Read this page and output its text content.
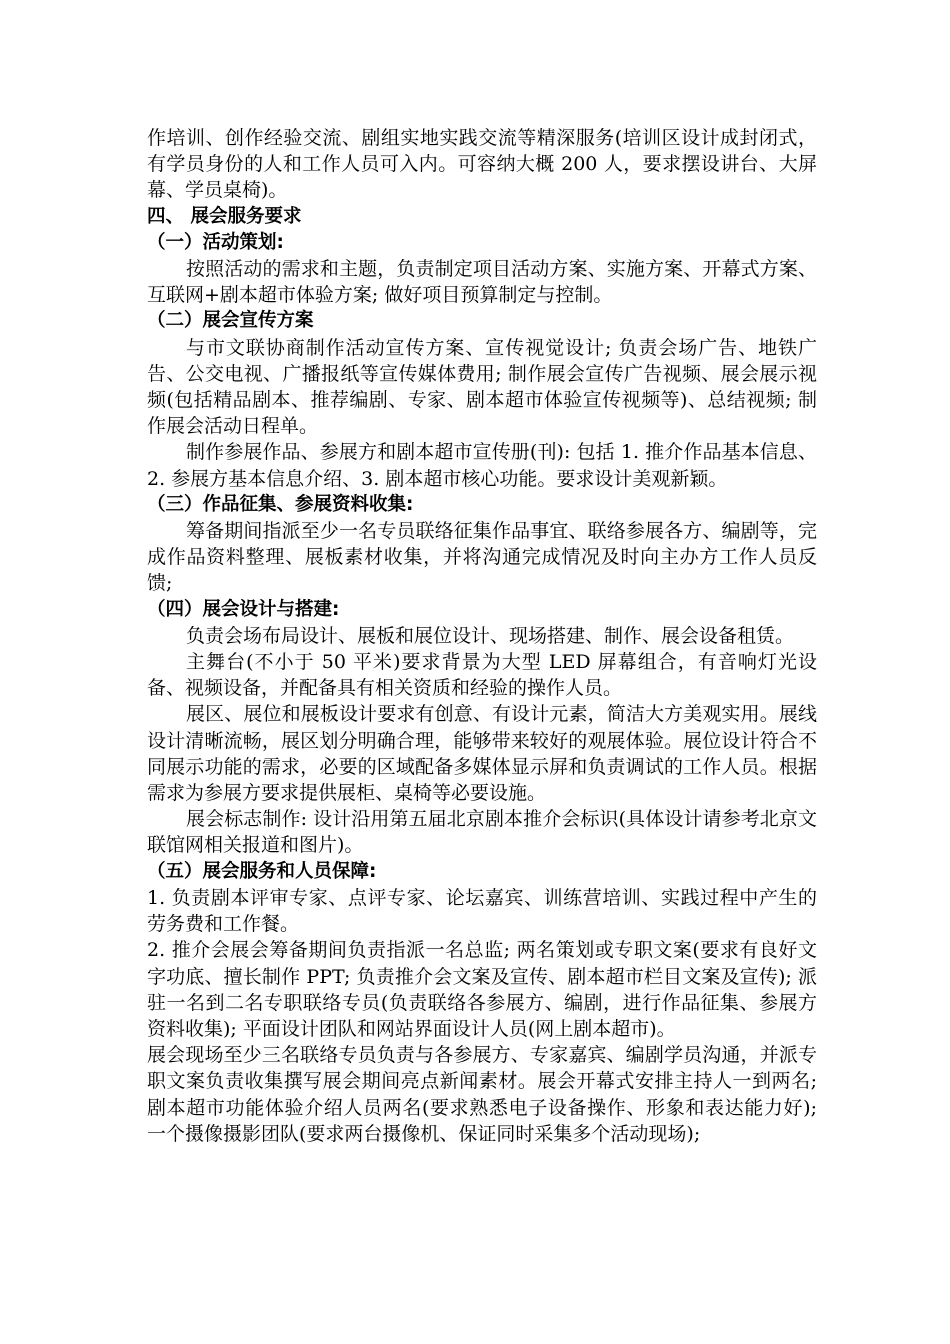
作培训、创作经验交流、剧组实地实践交流等精深服务(培训区设计成封闭式，有学员身份的人和工作人员可入内。可容纳大概 200 人，要求摆设讲台、大屏幕、学员桌椅)。

四、 展会服务要求

（一）活动策划:

按照活动的需求和主题，负责制定项目活动方案、实施方案、开幕式方案、互联网+剧本超市体验方案; 做好项目预算制定与控制。

（二）展会宣传方案

与市文联协商制作活动宣传方案、宣传视觉设计; 负责会场广告、地铁广告、公交电视、广播报纸等宣传媒体费用; 制作展会宣传广告视频、展会展示视频(包括精品剧本、推荐编剧、专家、剧本超市体验宣传视频等)、总结视频; 制作展会活动日程单。

制作参展作品、参展方和剧本超市宣传册(刊): 包括 1. 推介作品基本信息、2. 参展方基本信息介绍、3. 剧本超市核心功能。要求设计美观新颖。

（三）作品征集、参展资料收集:

筹备期间指派至少一名专员联络征集作品事宜、联络参展各方、编剧等，完成作品资料整理、展板素材收集，并将沟通完成情况及时向主办方工作人员反馈;

（四）展会设计与搭建:

负责会场布局设计、展板和展位设计、现场搭建、制作、展会设备租赁。

主舞台(不小于 50 平米)要求背景为大型 LED 屏幕组合，有音响灯光设备、视频设备，并配备具有相关资质和经验的操作人员。

展区、展位和展板设计要求有创意、有设计元素，简洁大方美观实用。展线设计清晰流畅，展区划分明确合理，能够带来较好的观展体验。展位设计符合不同展示功能的需求，必要的区域配备多媒体显示屏和负责调试的工作人员。根据需求为参展方要求提供展柜、桌椅等必要设施。

展会标志制作: 设计沿用第五届北京剧本推介会标识(具体设计请参考北京文联馆网相关报道和图片)。

（五）展会服务和人员保障:

1. 负责剧本评审专家、点评专家、论坛嘉宾、训练营培训、实践过程中产生的劳务费和工作餐。

2. 推介会展会筹备期间负责指派一名总监; 两名策划或专职文案(要求有良好文字功底、擅长制作 PPT; 负责推介会文案及宣传、剧本超市栏目文案及宣传); 派驻一名到二名专职联络专员(负责联络各参展方、编剧，进行作品征集、参展方资料收集); 平面设计团队和网站界面设计人员(网上剧本超市)。

展会现场至少三名联络专员负责与各参展方、专家嘉宾、编剧学员沟通，并派专职文案负责收集撰写展会期间亮点新闻素材。展会开幕式安排主持人一到两名; 剧本超市功能体验介绍人员两名(要求熟悉电子设备操作、形象和表达能力好); 一个摄像摄影团队(要求两台摄像机、保证同时采集多个活动现场);
